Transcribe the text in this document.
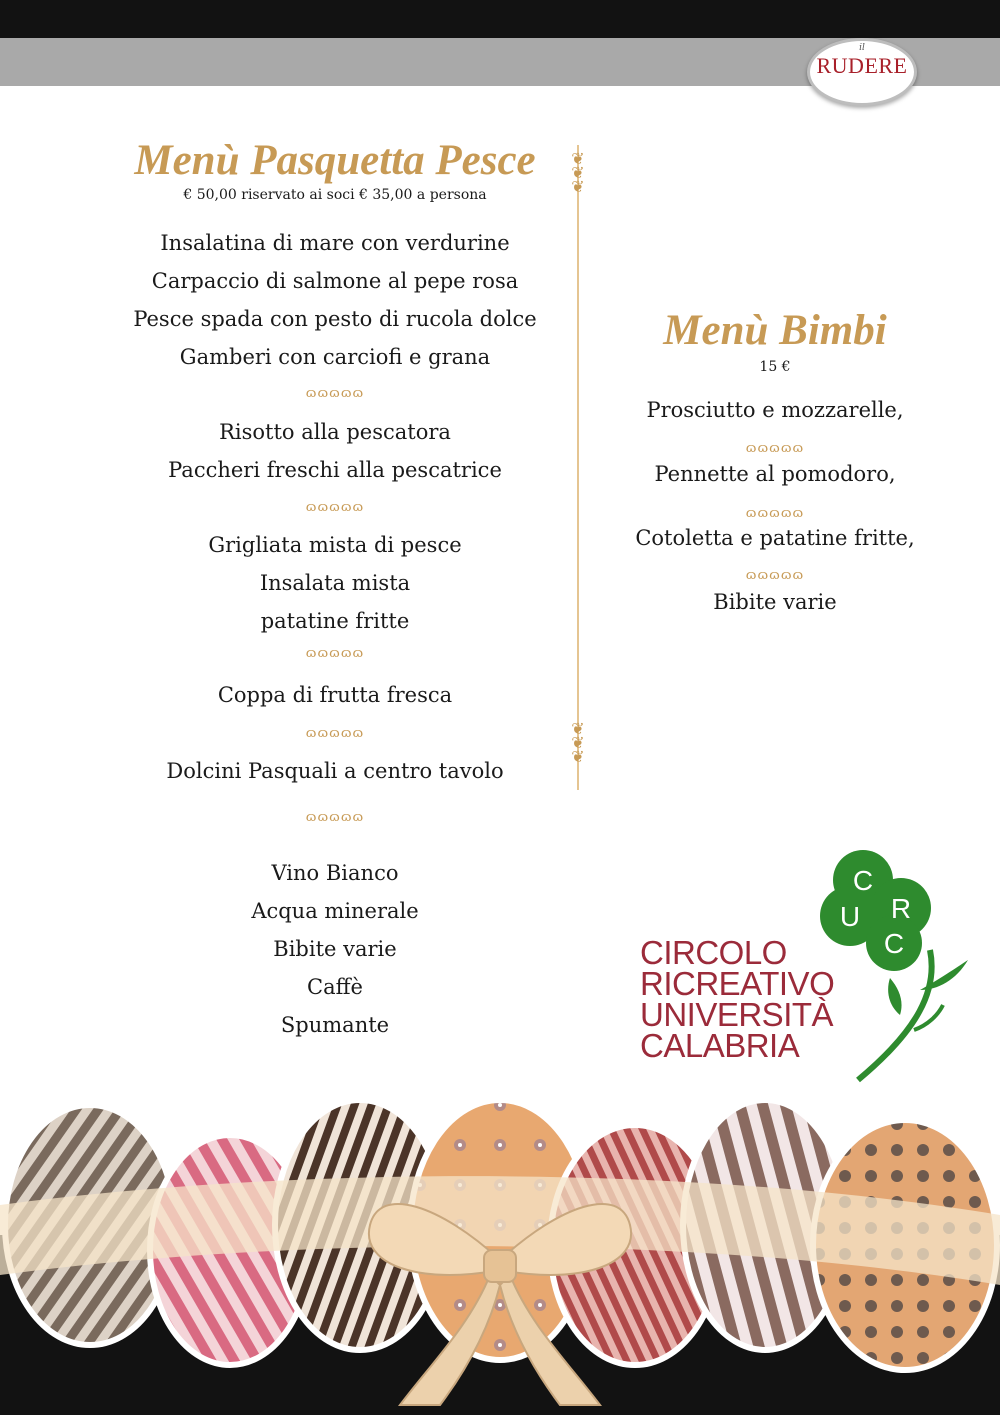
il
RUDERE
Menù Pasquetta Pesce

€ 50,00 riservato ai soci € 35,00 a persona

Insalatina di mare con verdurine
Carpaccio di salmone al pepe rosa
Pesce spada con pesto di rucola dolce
Gamberi con carciofi e grana
ɷɷɷɷɷ
Risotto alla pescatora
Paccheri freschi alla pescatrice
ɷɷɷɷɷ
Grigliata mista di pesce
Insalata mista
patatine fritte
ɷɷɷɷɷ
Coppa di frutta fresca
ɷɷɷɷɷ
Dolcini Pasquali a centro tavolo
ɷɷɷɷɷ
Vino Bianco
Acqua minerale
Bibite varie
Caffè
Spumante
❦
❦
❦
❦
❦
❦
Menù Bimbi

15 €

Prosciutto e mozzarelle,
ɷɷɷɷɷ
Pennette al pomodoro,
ɷɷɷɷɷ
Cotoletta e patatine fritte,
ɷɷɷɷɷ
Bibite varie
C
R
U
C
CIRCOLO
RICREATIVO
UNIVERSITÀ
CALABRIA
